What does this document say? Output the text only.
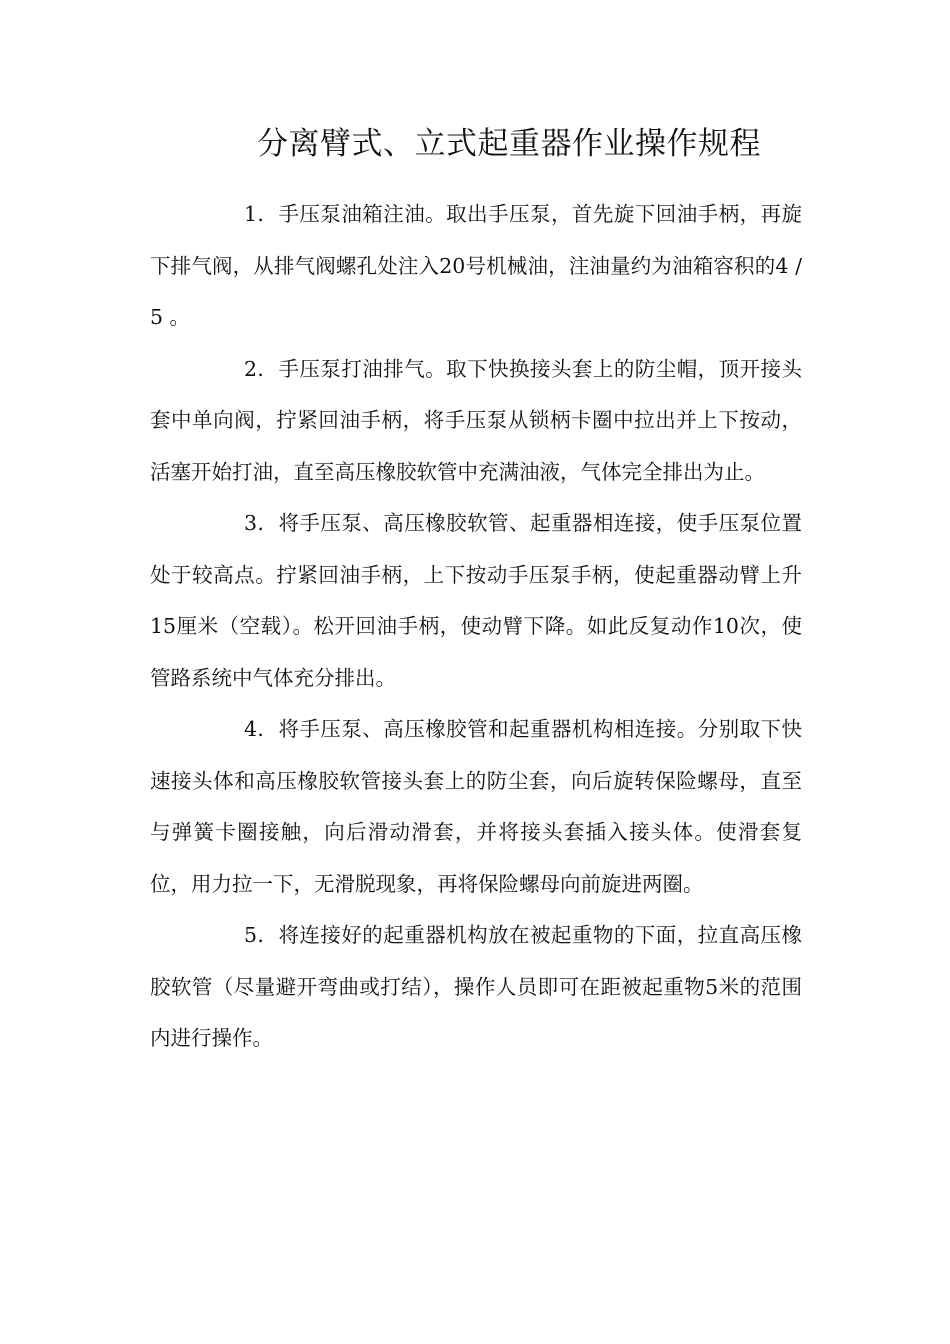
分离臂式、立式起重器作业操作规程

1．手压泵油箱注油。取出手压泵，首先旋下回油手柄，再旋下排气阀，从排气阀螺孔处注入20号机械油，注油量约为油箱容积的4 / 5 。

2．手压泵打油排气。取下快换接头套上的防尘帽，顶开接头套中单向阀，拧紧回油手柄，将手压泵从锁柄卡圈中拉出并上下按动，活塞开始打油，直至高压橡胶软管中充满油液，气体完全排出为止。

3．将手压泵、高压橡胶软管、起重器相连接，使手压泵位置处于较高点。拧紧回油手柄，上下按动手压泵手柄，使起重器动臂上升15厘米（空载）。松开回油手柄，使动臂下降。如此反复动作10次，使管路系统中气体充分排出。

4．将手压泵、高压橡胶管和起重器机构相连接。分别取下快速接头体和高压橡胶软管接头套上的防尘套，向后旋转保险螺母，直至与弹簧卡圈接触，向后滑动滑套，并将接头套插入接头体。使滑套复位，用力拉一下，无滑脱现象，再将保险螺母向前旋进两圈。

5．将连接好的起重器机构放在被起重物的下面，拉直高压橡胶软管（尽量避开弯曲或打结），操作人员即可在距被起重物5米的范围内进行操作。
